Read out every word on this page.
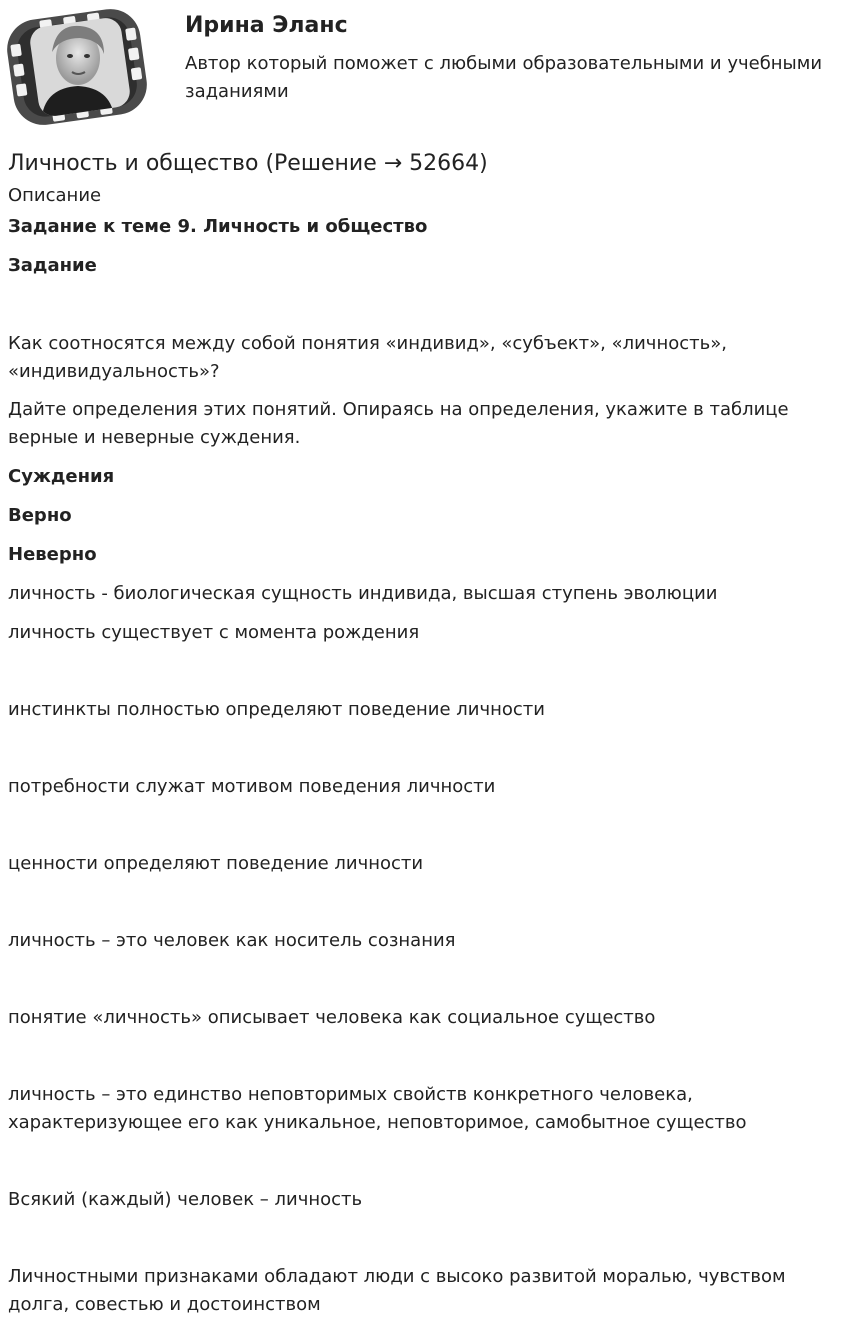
Ирина Эланс
Автор который поможет с любыми образовательными и учебными заданиями
Личность и общество (Решение → 52664)
Описание

Задание к теме 9. Личность и общество

Задание

Как соотносятся между собой понятия «индивид», «субъект», «личность», «индивидуальность»?

Дайте определения этих понятий. Опираясь на определения, укажите в таблице верные и неверные суждения.

Суждения

Верно

Неверно

личность - биологическая сущность индивида, высшая ступень эволюции

личность существует с момента рождения

инстинкты полностью определяют поведение личности

потребности служат мотивом поведения личности

ценности определяют поведение личности

личность – это человек как носитель сознания

понятие «личность» описывает человека как социальное существо

личность – это единство неповторимых свойств конкретного человека, характеризующее его как уникальное, неповторимое, самобытное существо

Всякий (каждый) человек – личность

Личностными признаками обладают люди с высоко развитой моралью, чувством долга, совестью и достоинством
